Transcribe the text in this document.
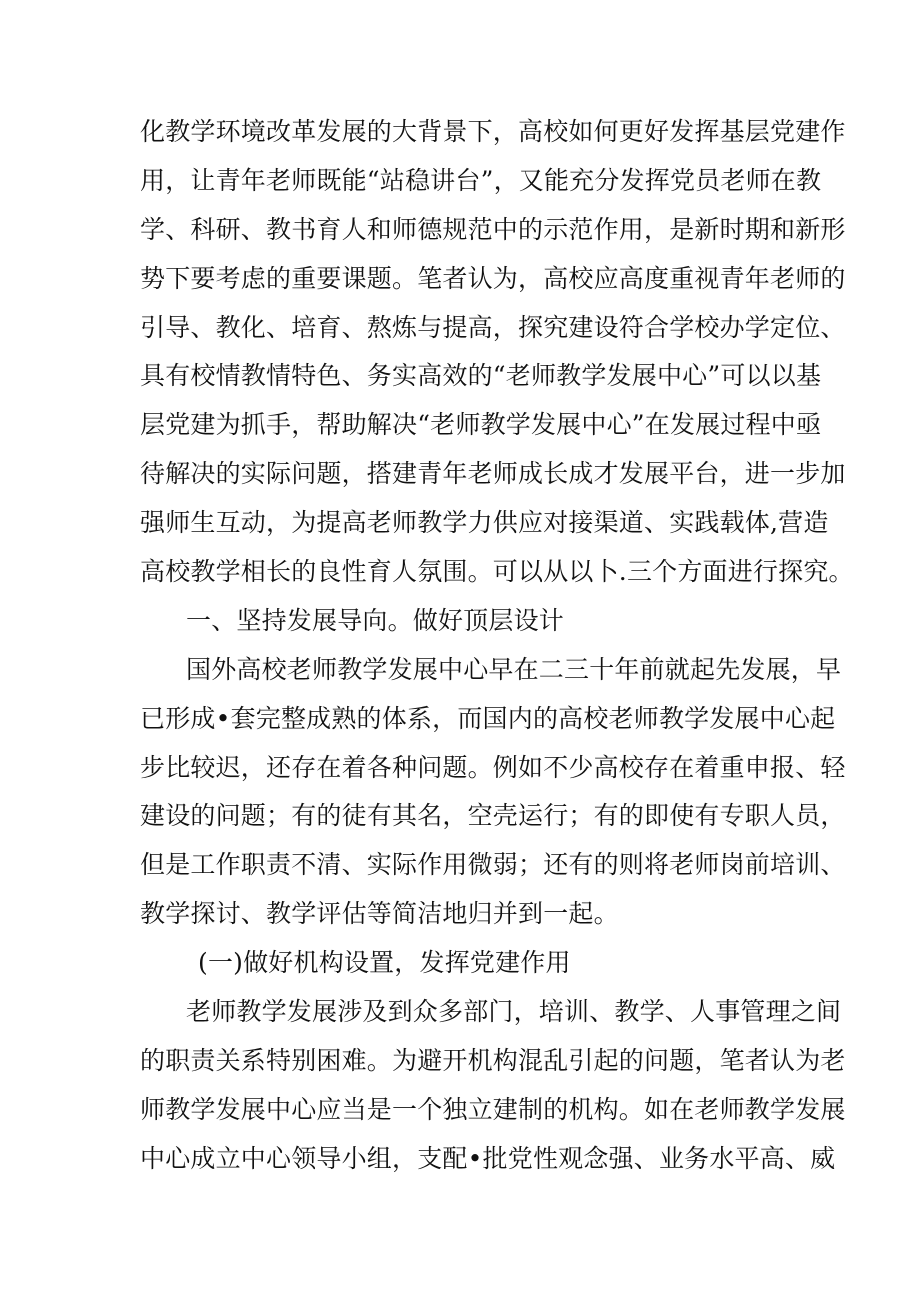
化教学环境改革发展的大背景下，高校如何更好发挥基层党建作
用，让青年老师既能“站稳讲台”，又能充分发挥党员老师在教
学、科研、教书育人和师德规范中的示范作用，是新时期和新形
势下要考虑的重要课题。笔者认为，高校应高度重视青年老师的
引导、教化、培育、熬炼与提高，探究建设符合学校办学定位、
具有校情教情特色、务实高效的“老师教学发展中心”可以以基
层党建为抓手，帮助解决“老师教学发展中心”在发展过程中亟
待解决的实际问题，搭建青年老师成长成才发展平台，进一步加
强师生互动，为提高老师教学力供应对接渠道、实践载体,营造
高校教学相长的良性育人氛围。可以从以卜.三个方面进行探究。
一、坚持发展导向。做好顶层设计
国外高校老师教学发展中心早在二三十年前就起先发展，早
已形成•套完整成熟的体系，而国内的高校老师教学发展中心起
步比较迟，还存在着各种问题。例如不少高校存在着重申报、轻
建设的问题；有的徒有其名，空壳运行；有的即使有专职人员，
但是工作职责不清、实际作用微弱；还有的则将老师岗前培训、
教学探讨、教学评估等简洁地归并到一起。
(一)做好机构设置，发挥党建作用
老师教学发展涉及到众多部门，培训、教学、人事管理之间
的职责关系特别困难。为避开机构混乱引起的问题，笔者认为老
师教学发展中心应当是一个独立建制的机构。如在老师教学发展
中心成立中心领导小组，支配•批党性观念强、业务水平高、威
